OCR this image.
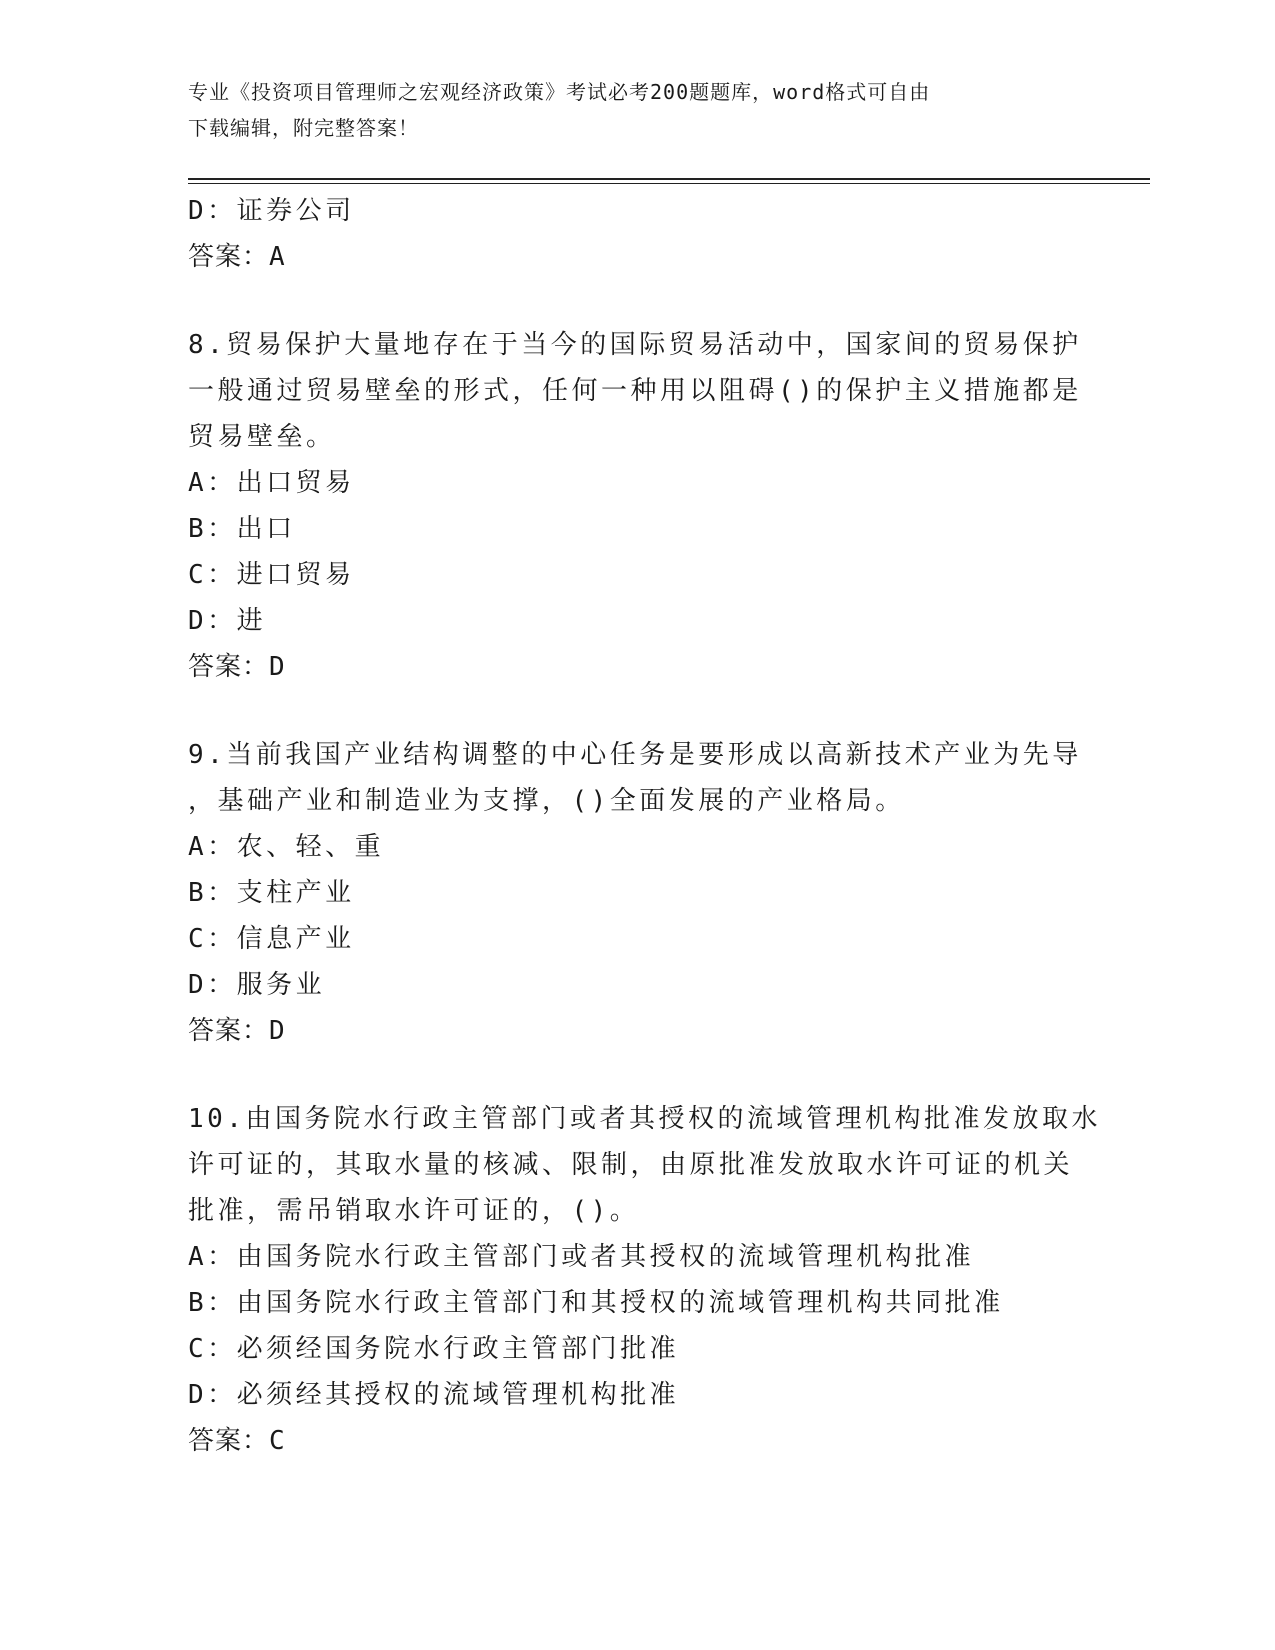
专业《投资项目管理师之宏观经济政策》考试必考200题题库，word格式可自由
下载编辑，附完整答案！
D：证券公司
答案：A
8.贸易保护大量地存在于当今的国际贸易活动中，国家间的贸易保护
一般通过贸易壁垒的形式，任何一种用以阻碍()的保护主义措施都是
贸易壁垒。
A：出口贸易
B：出口
C：进口贸易
D：进
答案：D
9.当前我国产业结构调整的中心任务是要形成以高新技术产业为先导
，基础产业和制造业为支撑，()全面发展的产业格局。
A：农、轻、重
B：支柱产业
C：信息产业
D：服务业
答案：D
10.由国务院水行政主管部门或者其授权的流域管理机构批准发放取水
许可证的，其取水量的核减、限制，由原批准发放取水许可证的机关
批准，需吊销取水许可证的，()。
A：由国务院水行政主管部门或者其授权的流域管理机构批准
B：由国务院水行政主管部门和其授权的流域管理机构共同批准
C：必须经国务院水行政主管部门批准
D：必须经其授权的流域管理机构批准
答案：C
